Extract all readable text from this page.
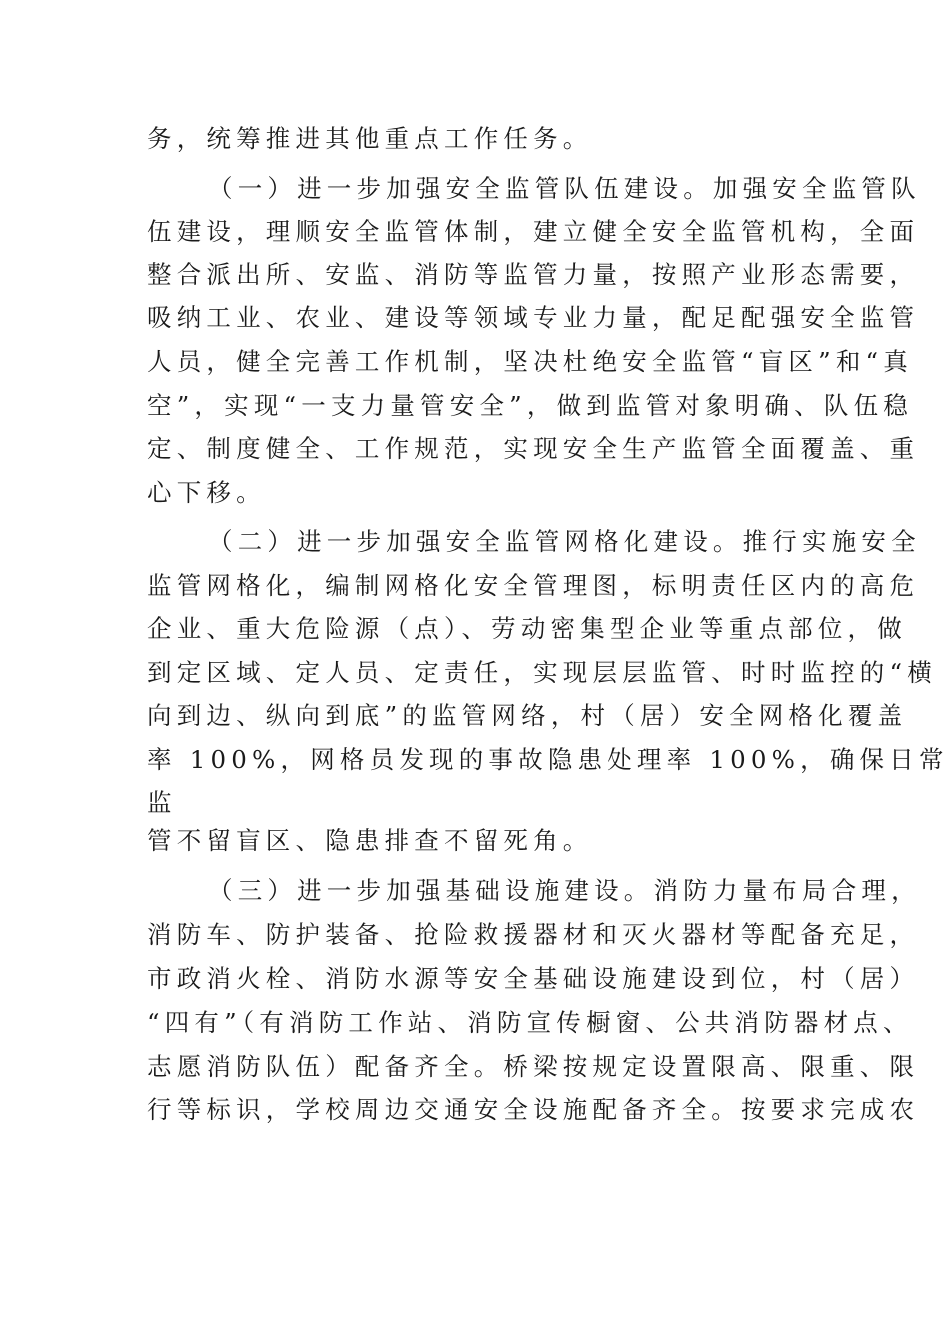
务，统筹推进其他重点工作任务。
（一）进一步加强安全监管队伍建设。加强安全监管队
伍建设，理顺安全监管体制，建立健全安全监管机构，全面
整合派出所、安监、消防等监管力量，按照产业形态需要，
吸纳工业、农业、建设等领域专业力量，配足配强安全监管
人员，健全完善工作机制，坚决杜绝安全监管“盲区”和“真
空”，实现“一支力量管安全”，做到监管对象明确、队伍稳
定、制度健全、工作规范，实现安全生产监管全面覆盖、重
心下移。
（二）进一步加强安全监管网格化建设。推行实施安全
监管网格化，编制网格化安全管理图，标明责任区内的高危
企业、重大危险源（点）、劳动密集型企业等重点部位，做
到定区域、定人员、定责任，实现层层监管、时时监控的“横
向到边、纵向到底”的监管网络，村（居）安全网格化覆盖
率 100%，网格员发现的事故隐患处理率 100%，确保日常
监
管不留盲区、隐患排查不留死角。
（三）进一步加强基础设施建设。消防力量布局合理，
消防车、防护装备、抢险救援器材和灭火器材等配备充足，
市政消火栓、消防水源等安全基础设施建设到位，村（居）
“四有”（有消防工作站、消防宣传橱窗、公共消防器材点、
志愿消防队伍）配备齐全。桥梁按规定设置限高、限重、限
行等标识，学校周边交通安全设施配备齐全。按要求完成农
